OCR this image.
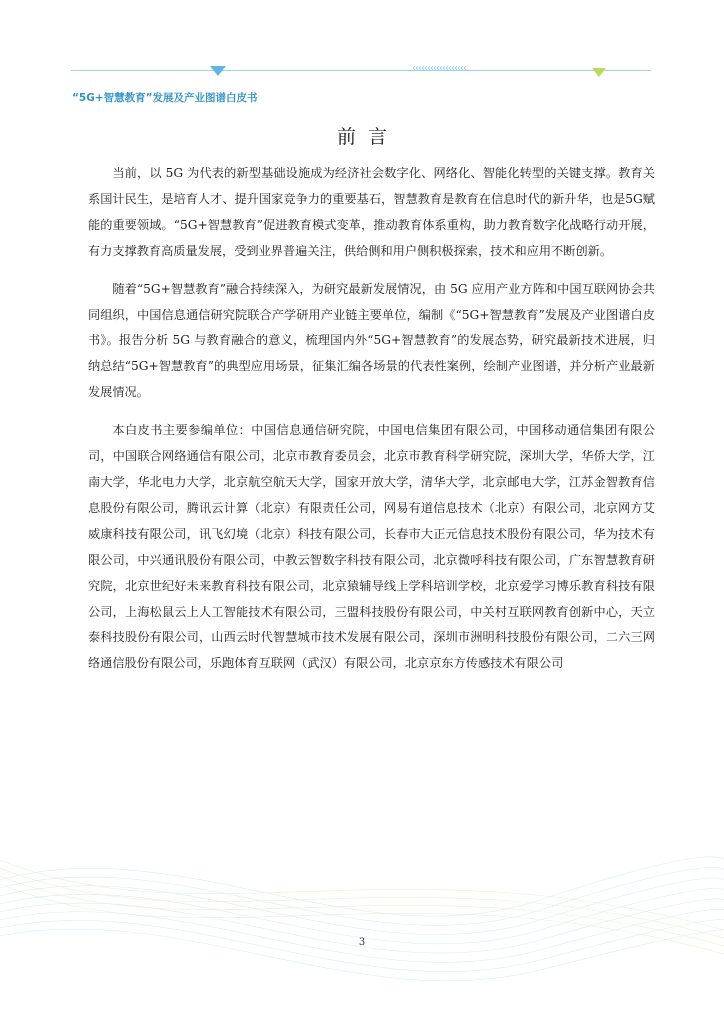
‹‹‹‹‹‹‹‹‹‹‹‹‹‹‹‹‹‹
“5G+智慧教育”发展及产业图谱白皮书
前言

当前，以 5G 为代表的新型基础设施成为经济社会数字化、网络化、智能化转型的关键支撑。教育关系国计民生，是培育人才、提升国家竞争力的重要基石，智慧教育是教育在信息时代的新升华，也是5G赋能的重要领域。“5G+智慧教育”促进教育模式变革，推动教育体系重构，助力教育数字化战略行动开展，有力支撑教育高质量发展，受到业界普遍关注，供给侧和用户侧积极探索，技术和应用不断创新。

随着“5G+智慧教育”融合持续深入，为研究最新发展情况，由 5G 应用产业方阵和中国互联网协会共同组织，中国信息通信研究院联合产学研用产业链主要单位，编制《“5G+智慧教育”发展及产业图谱白皮书》。报告分析 5G 与教育融合的意义，梳理国内外“5G+智慧教育”的发展态势，研究最新技术进展，归纳总结“5G+智慧教育”的典型应用场景，征集汇编各场景的代表性案例，绘制产业图谱，并分析产业最新发展情况。

本白皮书主要参编单位：中国信息通信研究院，中国电信集团有限公司，中国移动通信集团有限公司，中国联合网络通信有限公司，北京市教育委员会，北京市教育科学研究院，深圳大学，华侨大学，江南大学，华北电力大学，北京航空航天大学，国家开放大学，清华大学，北京邮电大学，江苏金智教育信息股份有限公司，腾讯云计算（北京）有限责任公司，网易有道信息技术（北京）有限公司，北京网方艾威康科技有限公司，讯飞幻境（北京）科技有限公司，长春市大正元信息技术股份有限公司，华为技术有限公司，中兴通讯股份有限公司，中教云智数字科技有限公司，北京微呼科技有限公司，广东智慧教育研究院，北京世纪好未来教育科技有限公司，北京猿辅导线上学科培训学校，北京爱学习博乐教育科技有限公司，上海松鼠云上人工智能技术有限公司，三盟科技股份有限公司，中关村互联网教育创新中心，天立泰科技股份有限公司，山西云时代智慧城市技术发展有限公司，深圳市洲明科技股份有限公司，二六三网络通信股份有限公司，乐跑体育互联网（武汉）有限公司，北京京东方传感技术有限公司

3
